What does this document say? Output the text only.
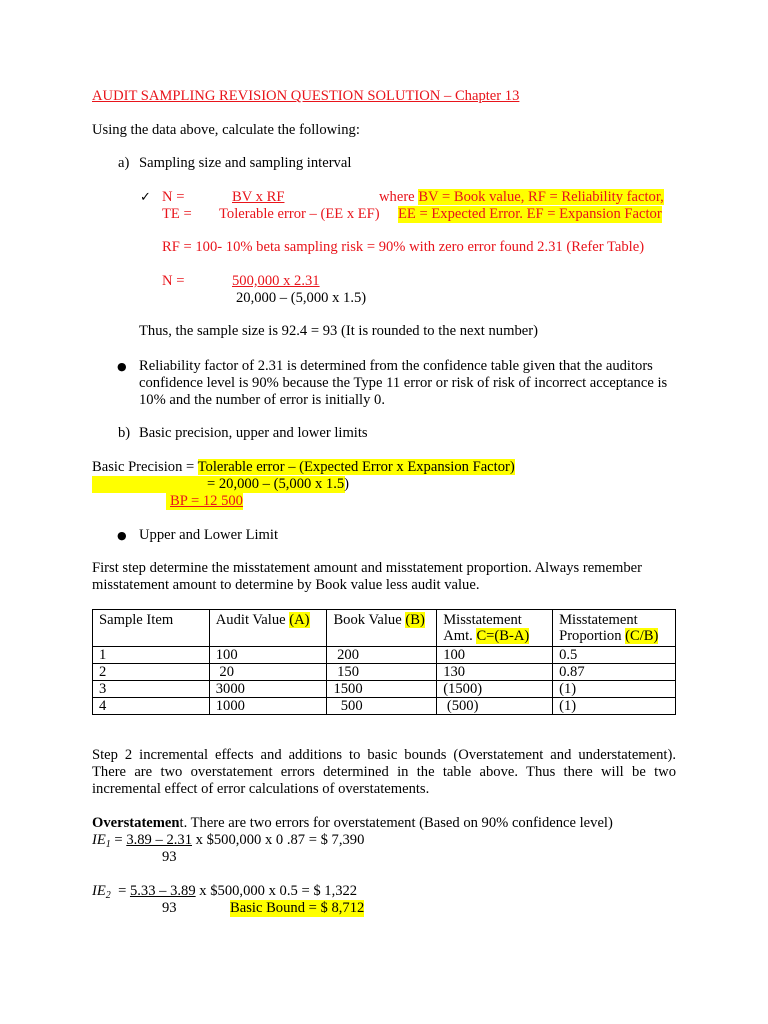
AUDIT SAMPLING REVISION QUESTION SOLUTION – Chapter 13
Using the data above, calculate the following:
a) Sampling size and sampling interval
✓ N =	BV x RF	where BV = Book value, RF = Reliability factor,
TE = Tolerable error – (EE x EF) EE = Expected Error. EF = Expansion Factor
RF = 100- 10% beta sampling risk = 90% with zero error found 2.31 (Refer Table)
N =	500,000 x 2.31
20,000 – (5,000 x 1.5)
Thus, the sample size is 92.4 = 93 (It is rounded to the next number)
● Reliability factor of 2.31 is determined from the confidence table given that the auditors confidence level is 90% because the Type 11 error or risk of risk of incorrect acceptance is 10% and the number of error is initially 0.
b) Basic precision, upper and lower limits
Basic Precision = Tolerable error – (Expected Error x Expansion Factor)
= 20,000 – (5,000 x 1.5)
BP = 12 500
● Upper and Lower Limit
First step determine the misstatement amount and misstatement proportion. Always remember misstatement amount to determine by Book value less audit value.
Sample Item	Audit Value (A)	Book Value (B)	Misstatement Amt. C=(B-A)	Misstatement Proportion (C/B)
1	100	200	100	0.5
2	20	150	130	0.87
3	3000	1500	(1500)	(1)
4	1000	500	(500)	(1)
Step 2 incremental effects and additions to basic bounds (Overstatement and understatement). There are two overstatement errors determined in the table above. Thus there will be two incremental effect of error calculations of overstatements.
Overstatement. There are two errors for overstatement (Based on 90% confidence level)
$IE_1 = 3.89 - 2.31$ x $500,000 x 0 .87 = $ 7,390
93
$IE_2 = 5.33 - 3.89$ x $500,000 x 0.5 = $ 1,322
93	Basic Bound = $ 8,712
